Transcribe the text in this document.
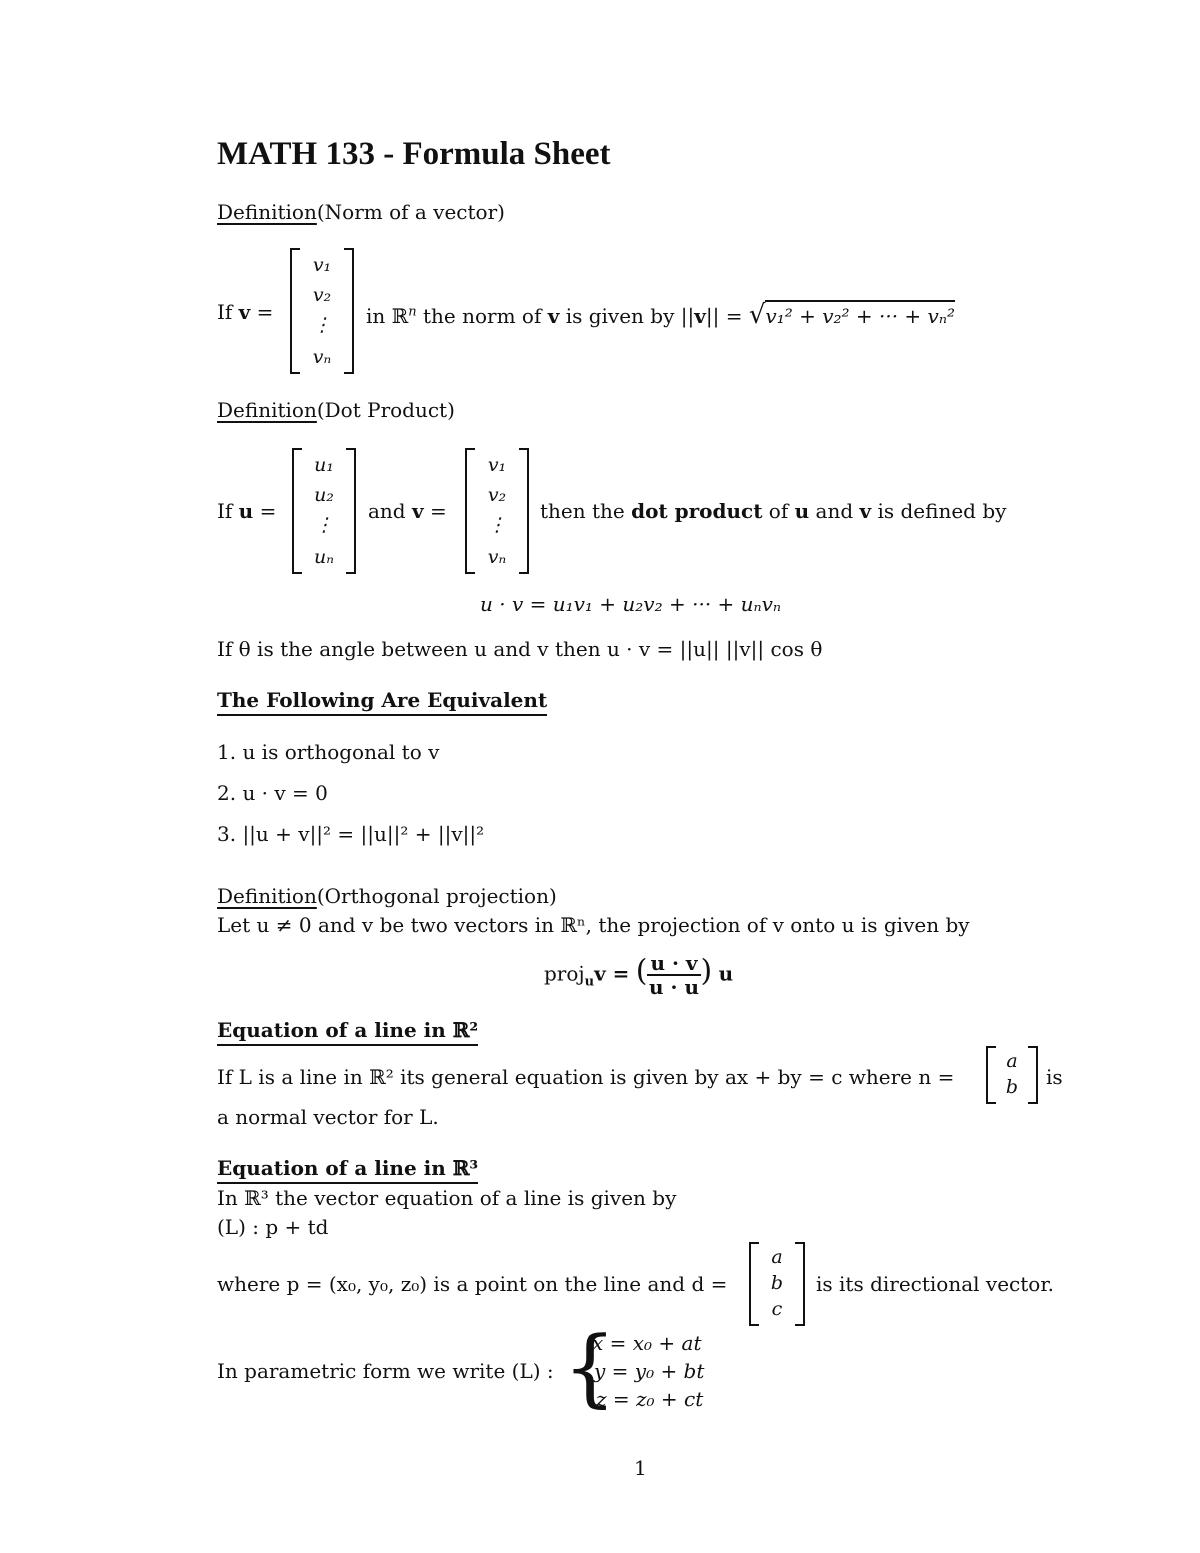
MATH 133 - Formula Sheet
Definition(Norm of a vector)
If v =
v₁
v₂
⋮
vₙ
in ℝ$^n$ the norm of v is given by ||v|| = √v₁² + v₂² + ··· + vₙ²
Definition(Dot Product)
If u =
u₁
u₂
⋮
uₙ
and v =
v₁
v₂
⋮
vₙ
then the dot product of u and v is defined by
u · v = u₁v₁ + u₂v₂ + ··· + uₙvₙ
If θ is the angle between u and v then u · v = ||u|| ||v|| cos θ
The Following Are Equivalent
1. u is orthogonal to v
2. u · v = 0
3. ||u + v||² = ||u||² + ||v||²
Definition(Orthogonal projection)
Let u ≠ 0 and v be two vectors in ℝⁿ, the projection of v onto u is given by
proj$_u$v = ( $\frac{u \cdot v}{u \cdot u}$ ) u
Equation of a line in ℝ²
If L is a line in ℝ² its general equation is given by ax + by = c where n =
a
b	is
a normal vector for L.
Equation of a line in ℝ³
In ℝ³ the vector equation of a line is given by
(L) : p + td
where p = (x₀, y₀, z₀) is a point on the line and d =
a
b
c
is its directional vector.
In parametric form we write (L) : {
x = x₀ + at
y = y₀ + bt
z = z₀ + ct
1
